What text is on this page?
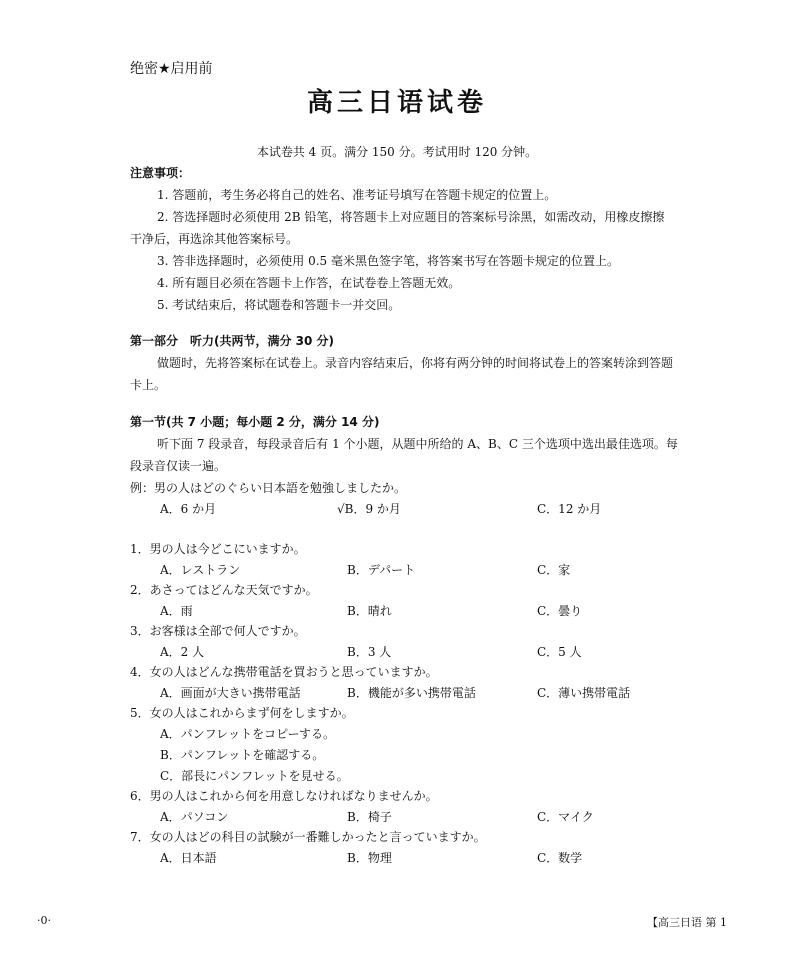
绝密★启用前
高三日语试卷
本试卷共 4 页。满分 150 分。考试用时 120 分钟。
注意事项：
1. 答题前，考生务必将自己的姓名、准考证号填写在答题卡规定的位置上。
2. 答选择题时必须使用 2B 铅笔，将答题卡上对应题目的答案标号涂黑，如需改动，用橡皮擦擦
干净后，再选涂其他答案标号。
3. 答非选择题时，必须使用 0.5 毫米黑色签字笔，将答案书写在答题卡规定的位置上。
4. 所有题目必须在答题卡上作答，在试卷卷上答题无效。
5. 考试结束后，将试题卷和答题卡一并交回。
第一部分　听力(共两节，满分 30 分)
做题时，先将答案标在试卷上。录音内容结束后，你将有两分钟的时间将试卷上的答案转涂到答题
卡上。
第一节(共 7 小题；每小题 2 分，满分 14 分)
听下面 7 段录音，每段录音后有 1 个小题，从题中所给的 A、B、C 三个选项中选出最佳选项。每
段录音仅读一遍。
例：男の人はどのぐらい日本語を勉強しましたか。
A．6 か月	√B．9 か月	C．12 か月
1．男の人は今どこにいますか。
A．レストラン	B．デパート	C．家
2．あさってはどんな天気ですか。
A．雨	B．晴れ	C．曇り
3．お客様は全部で何人ですか。
A．2 人	B．3 人	C．5 人
4．女の人はどんな携帯電話を買おうと思っていますか。
A．画面が大きい携帯電話	B．機能が多い携帯電話	C．薄い携帯電話
5．女の人はこれからまず何をしますか。
A．パンフレットをコピーする。
B．パンフレットを確認する。
C．部長にパンフレットを見せる。
6．男の人はこれから何を用意しなければなりませんか。
A．パソコン	B．椅子	C．マイク
7．女の人はどの科目の試験が一番難しかったと言っていますか。
A．日本語	B．物理	C．数学
·0·	【高三日语 第 1
